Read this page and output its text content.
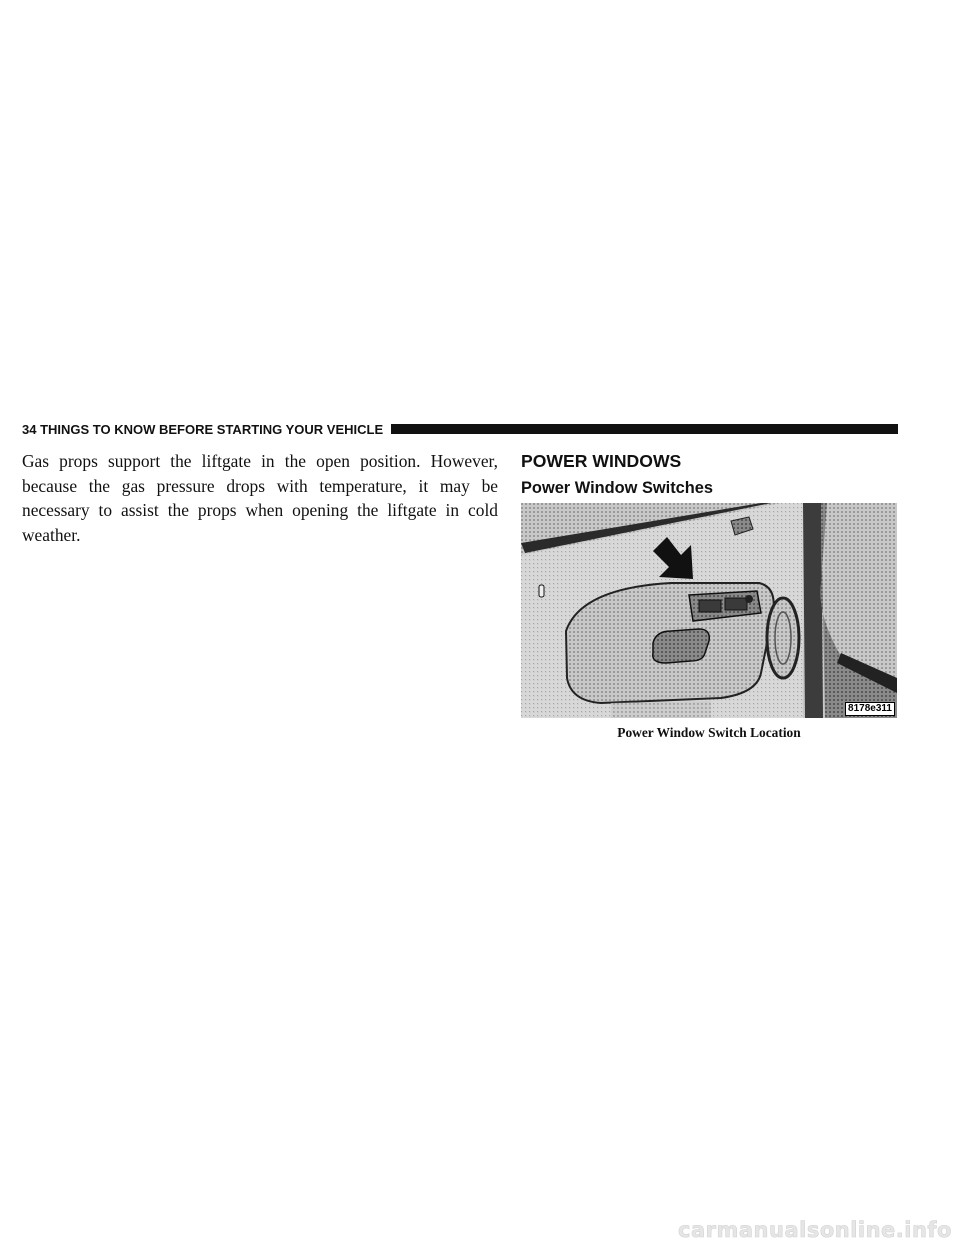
34 THINGS TO KNOW BEFORE STARTING YOUR VEHICLE
Gas props support the liftgate in the open position. However, because the gas pressure drops with temperature, it may be necessary to assist the props when opening the liftgate in cold weather.
POWER WINDOWS
Power Window Switches
8178e311
Power Window Switch Location
carmanualsonline.info
